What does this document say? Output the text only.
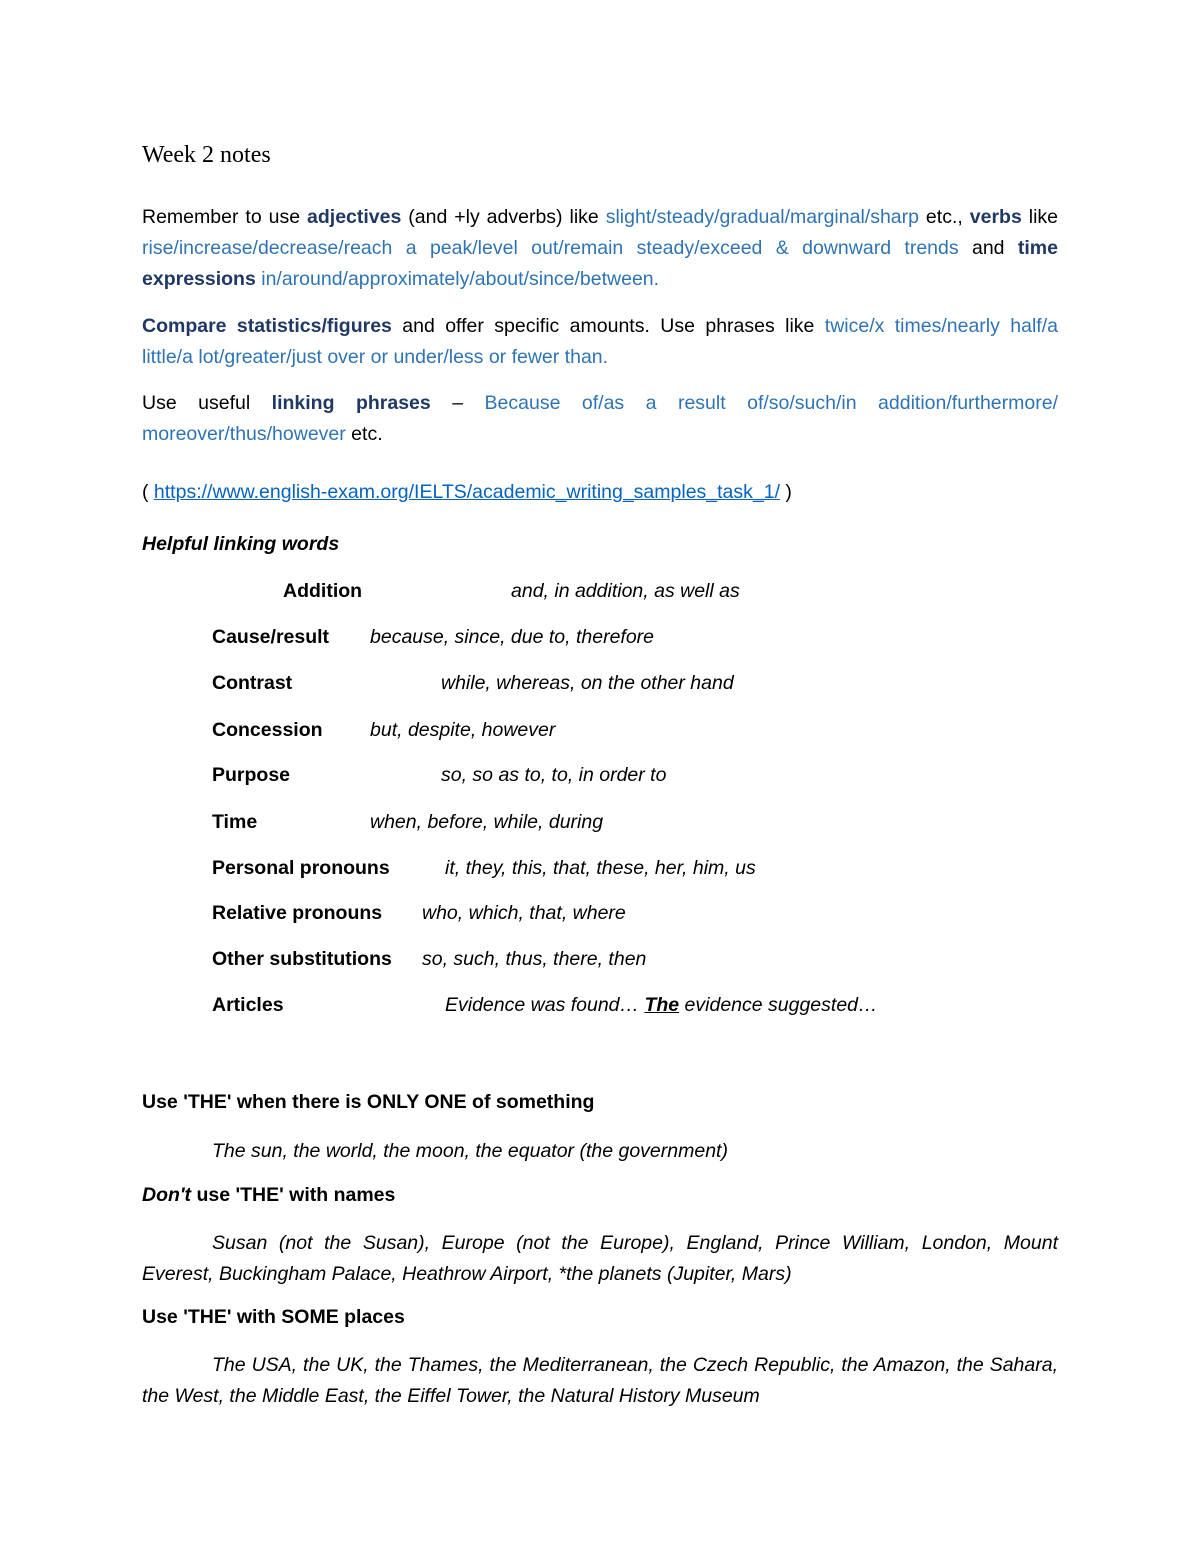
Week 2 notes
Remember to use adjectives (and +ly adverbs) like slight/steady/gradual/marginal/sharp etc., verbs like rise/increase/decrease/reach a peak/level out/remain steady/exceed & downward trends and time expressions in/around/approximately/about/since/between.
Compare statistics/figures and offer specific amounts. Use phrases like twice/x times/nearly half/a little/a lot/greater/just over or under/less or fewer than.
Use useful linking phrases – Because of/as a result of/so/such/in addition/furthermore/ moreover/thus/however etc.
( https://www.english-exam.org/IELTS/academic_writing_samples_task_1/ )
Helpful linking words
Addition	and, in addition, as well as
Cause/result because, since, due to, therefore
Contrast	while, whereas, on the other hand
Concession but, despite, however
Purpose	so, so as to, to, in order to
Time	when, before, while, during
Personal pronouns	it, they, this, that, these, her, him, us
Relative pronouns who, which, that, where
Other substitutions so, such, thus, there, then
Articles	Evidence was found… The evidence suggested…
Use 'THE' when there is ONLY ONE of something
The sun, the world, the moon, the equator (the government)
Don't use 'THE' with names
Susan (not the Susan), Europe (not the Europe), England, Prince William, London, Mount Everest, Buckingham Palace, Heathrow Airport, *the planets (Jupiter, Mars)
Use 'THE' with SOME places
The USA, the UK, the Thames, the Mediterranean, the Czech Republic, the Amazon, the Sahara, the West, the Middle East, the Eiffel Tower, the Natural History Museum
